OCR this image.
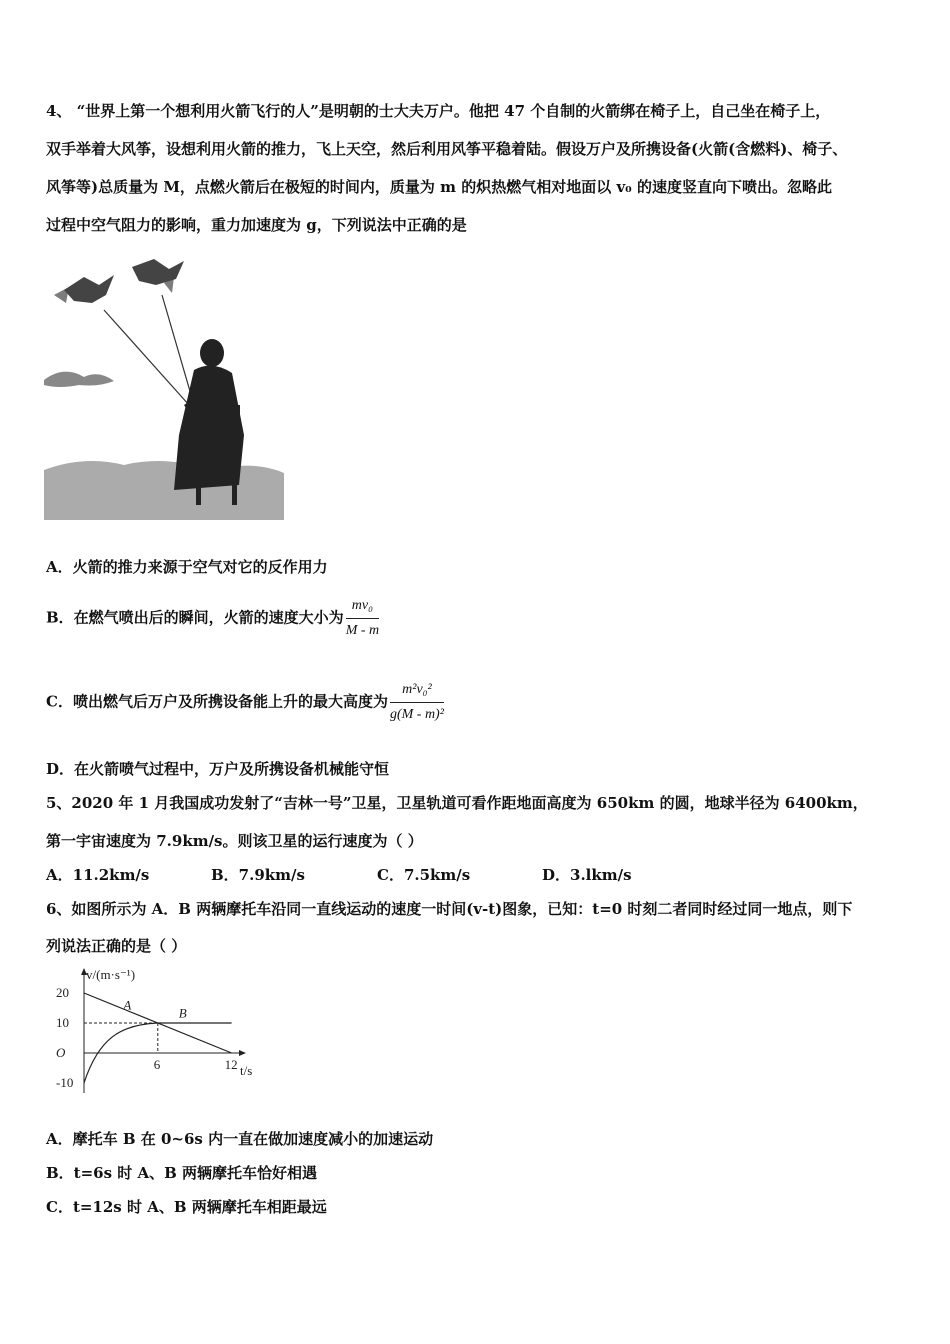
4、 “世界上第一个想利用火箭飞行的人”是明朝的士大夫万户。他把 47 个自制的火箭绑在椅子上，自己坐在椅子上，
双手举着大风筝，设想利用火箭的推力，飞上天空，然后利用风筝平稳着陆。假设万户及所携设备(火箭(含燃料)、椅子、
风筝等)总质量为 M，点燃火箭后在极短的时间内，质量为 m 的炽热燃气相对地面以 v₀ 的速度竖直向下喷出。忽略此
过程中空气阻力的影响，重力加速度为 g，下列说法中正确的是
A．火箭的推力来源于空气对它的反作用力
B．在燃气喷出后的瞬间，火箭的速度大小为 $\frac{\text{mv₀}}{M - m}$
C．喷出燃气后万户及所携设备能上升的最大高度为 $\frac{\text{m²v₀²}}{\text{g(M - m)²}}$
D．在火箭喷气过程中，万户及所携设备机械能守恒
5、2020 年 1 月我国成功发射了“吉林一号”卫星，卫星轨道可看作距地面高度为 650km 的圆，地球半径为 6400km，
第一宇宙速度为 7.9km/s。则该卫星的运行速度为（ ）
A．11.2km/s	B．7.9km/s	C．7.5km/s	D．3.lkm/s
6、如图所示为 A．B 两辆摩托车沿同一直线运动的速度一时间(v-t)图象，已知：t=0 时刻二者同时经过同一地点，则下
列说法正确的是（ ）
v/(m·s⁻¹)
t/s
20
10
O
-10
6	12
A
B
A．摩托车 B 在 0~6s 内一直在做加速度减小的加速运动
B．t=6s 时 A、B 两辆摩托车恰好相遇
C．t=12s 时 A、B 两辆摩托车相距最远
